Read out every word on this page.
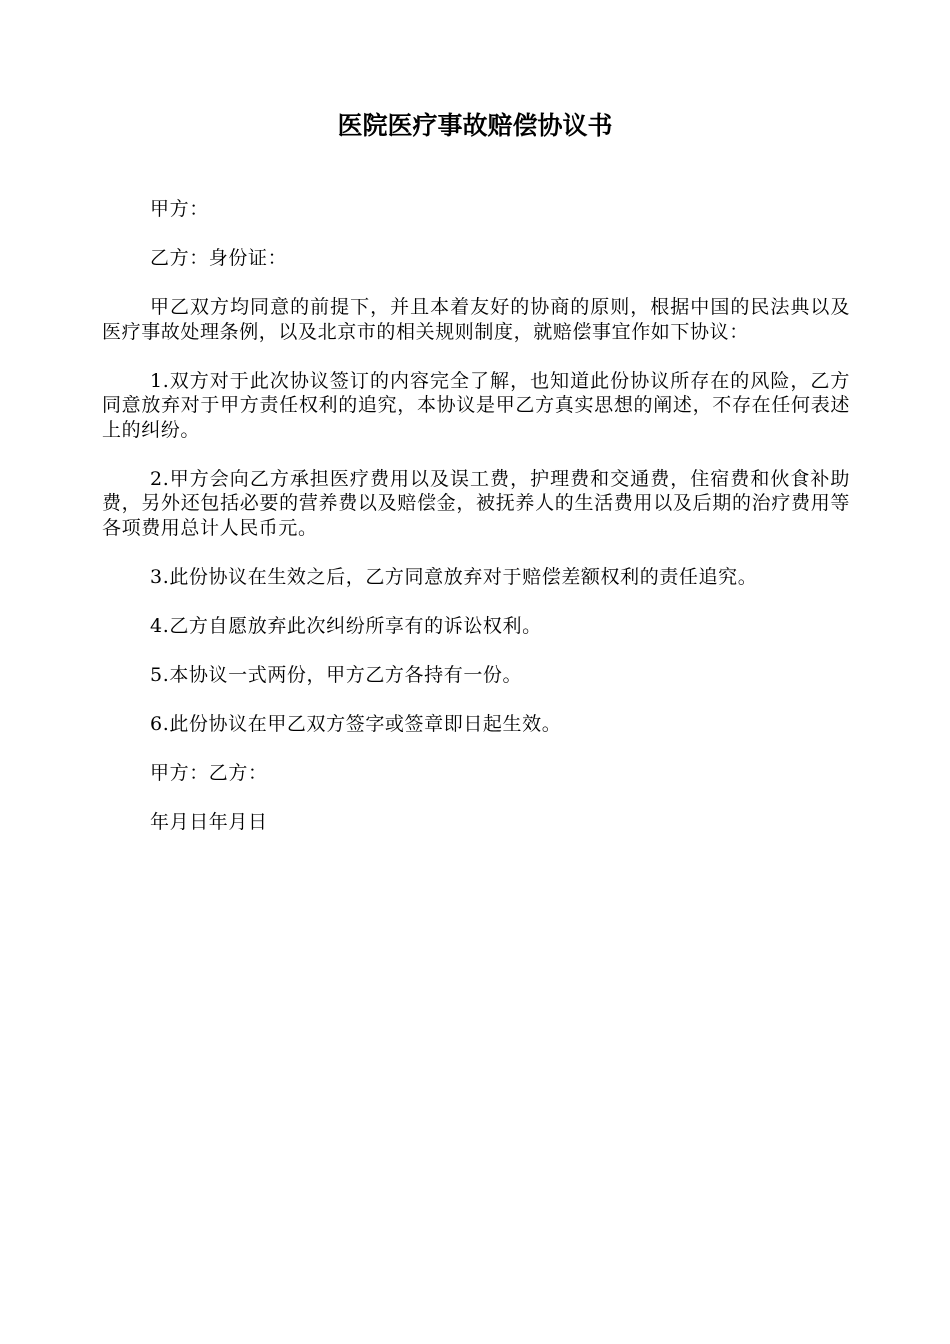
医院医疗事故赔偿协议书

甲方：

乙方：身份证：

甲乙双方均同意的前提下，并且本着友好的协商的原则，根据中国的民法典以及医疗事故处理条例，以及北京市的相关规则制度，就赔偿事宜作如下协议：

1.双方对于此次协议签订的内容完全了解，也知道此份协议所存在的风险，乙方同意放弃对于甲方责任权利的追究，本协议是甲乙方真实思想的阐述，不存在任何表述上的纠纷。

2.甲方会向乙方承担医疗费用以及误工费，护理费和交通费，住宿费和伙食补助费，另外还包括必要的营养费以及赔偿金，被抚养人的生活费用以及后期的治疗费用等各项费用总计人民币元。

3.此份协议在生效之后，乙方同意放弃对于赔偿差额权利的责任追究。

4.乙方自愿放弃此次纠纷所享有的诉讼权利。

5.本协议一式两份，甲方乙方各持有一份。

6.此份协议在甲乙双方签字或签章即日起生效。

甲方：乙方：

年月日年月日
